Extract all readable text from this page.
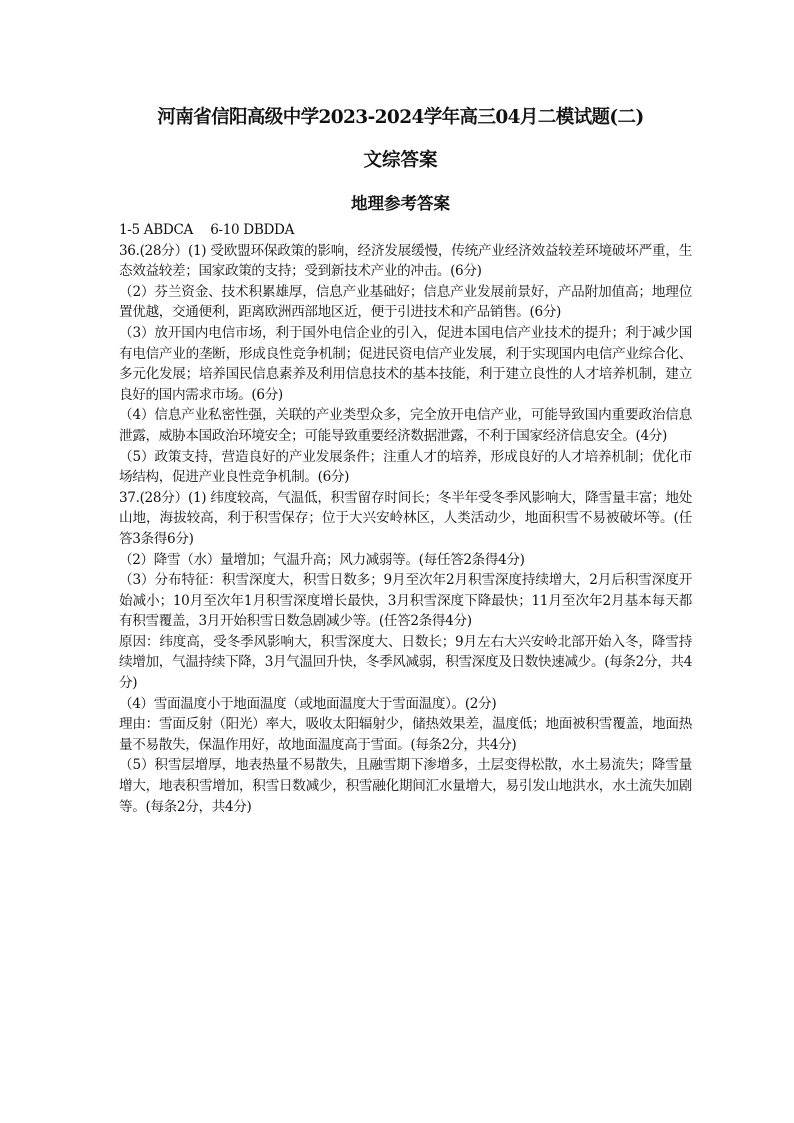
河南省信阳高级中学2023-2024学年高三04月二模试题(二)
文综答案
地理参考答案

1-5 ABDCA　 6-10 DBDDA

36.(28分）(1) 受欧盟环保政策的影响，经济发展缓慢，传统产业经济效益较差环境破坏严重，生态效益较差；国家政策的支持；受到新技术产业的冲击。(6分)

（2）芬兰资金、技术积累雄厚，信息产业基础好；信息产业发展前景好，产品附加值高；地理位置优越，交通便利，距离欧洲西部地区近，便于引进技术和产品销售。(6分)

（3）放开国内电信市场，利于国外电信企业的引入，促进本国电信产业技术的提升；利于减少国有电信产业的垄断，形成良性竞争机制；促进民资电信产业发展，利于实现国内电信产业综合化、多元化发展；培养国民信息素养及利用信息技术的基本技能，利于建立良性的人才培养机制，建立良好的国内需求市场。(6分)

（4）信息产业私密性强，关联的产业类型众多，完全放开电信产业，可能导致国内重要政治信息泄露，威胁本国政治环境安全；可能导致重要经济数据泄露，不利于国家经济信息安全。(4分)

（5）政策支持，营造良好的产业发展条件；注重人才的培养，形成良好的人才培养机制；优化市场结构，促进产业良性竞争机制。(6分)

37.(28分）(1) 纬度较高，气温低，积雪留存时间长；冬半年受冬季风影响大，降雪量丰富；地处山地，海拔较高，利于积雪保存；位于大兴安岭林区，人类活动少，地面积雪不易被破坏等。(任答3条得6分)

（2）降雪（水）量增加；气温升高；风力减弱等。(每任答2条得4分)

（3）分布特征：积雪深度大，积雪日数多；9月至次年2月积雪深度持续增大，2月后积雪深度开始减小；10月至次年1月积雪深度增长最快，3月积雪深度下降最快；11月至次年2月基本每天都有积雪覆盖，3月开始积雪日数急剧减少等。(任答2条得4分)

原因：纬度高，受冬季风影响大，积雪深度大、日数长；9月左右大兴安岭北部开始入冬，降雪持续增加，气温持续下降，3月气温回升快，冬季风减弱，积雪深度及日数快速减少。(每条2分，共4分)

（4）雪面温度小于地面温度（或地面温度大于雪面温度）。(2分)

理由：雪面反射（阳光）率大，吸收太阳辐射少，储热效果差，温度低；地面被积雪覆盖，地面热量不易散失，保温作用好，故地面温度高于雪面。(每条2分，共4分)

（5）积雪层增厚，地表热量不易散失，且融雪期下渗增多，土层变得松散，水土易流失；降雪量增大，地表积雪增加，积雪日数减少，积雪融化期间汇水量增大，易引发山地洪水，水土流失加剧等。(每条2分，共4分)
